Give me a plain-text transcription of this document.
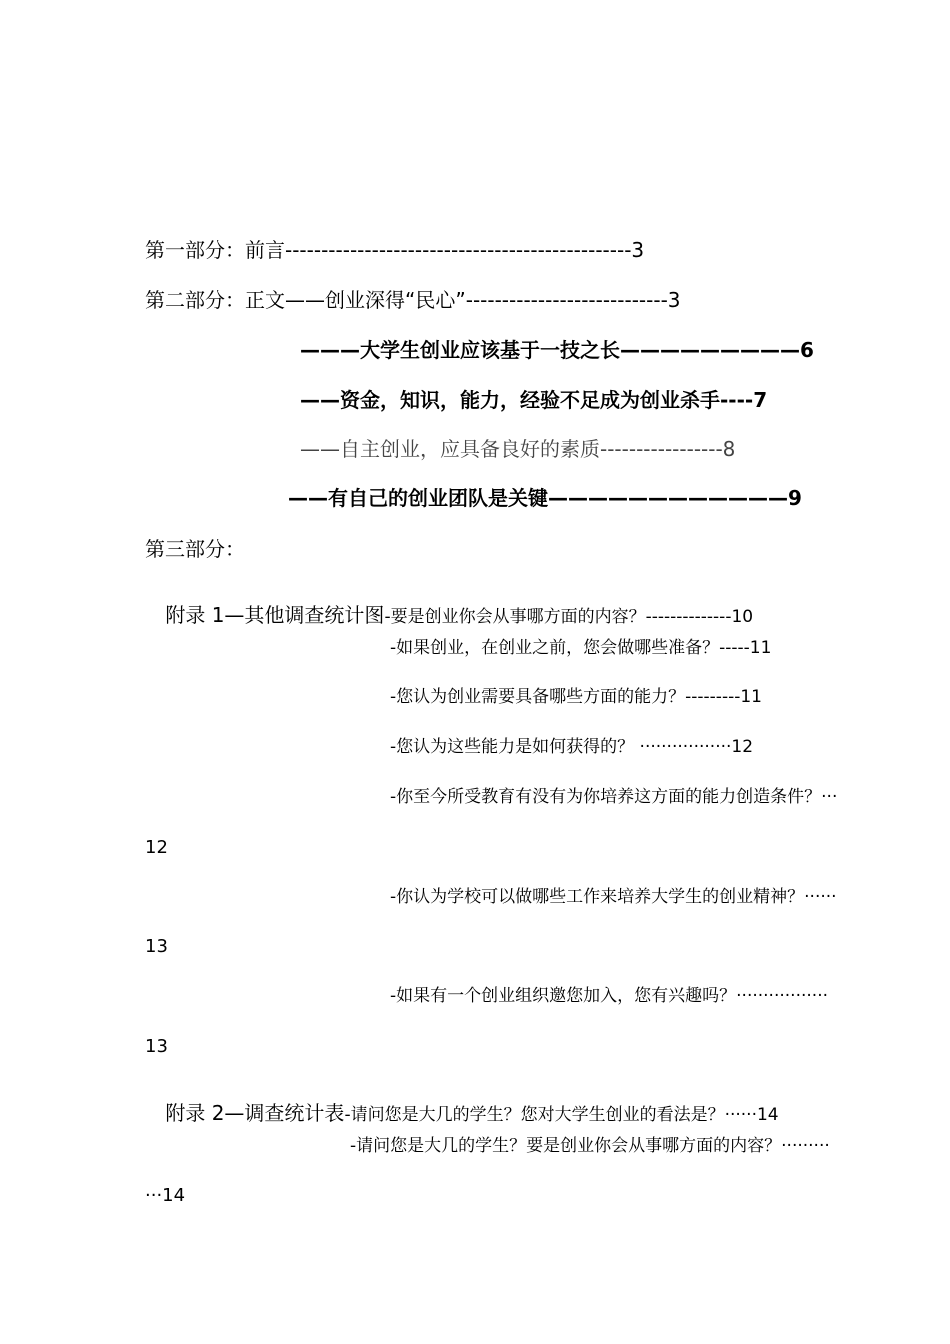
第一部分：前言------------------------------------------------3
第二部分：正文——创业深得“民心”----------------------------3
———大学生创业应该基于一技之长—————————6
——资金，知识，能力，经验不足成为创业杀手----7
——自主创业，应具备良好的素质-----------------8
——有自己的创业团队是关键————————————9
第三部分：

附录 1—其他调查统计图-要是创业你会从事哪方面的内容？--------------10

-如果创业，在创业之前，您会做哪些准备？-----11
-您认为创业需要具备哪些方面的能力？---------11
-您认为这些能力是如何获得的？ ·················12
-你至今所受教育有没有为你培养这方面的能力创造条件？···
12
-你认为学校可以做哪些工作来培养大学生的创业精神？······
13
-如果有一个创业组织邀您加入，您有兴趣吗？·················
13

附录 2—调查统计表-请问您是大几的学生？您对大学生创业的看法是？······14

-请问您是大几的学生？要是创业你会从事哪方面的内容？·········
···14
